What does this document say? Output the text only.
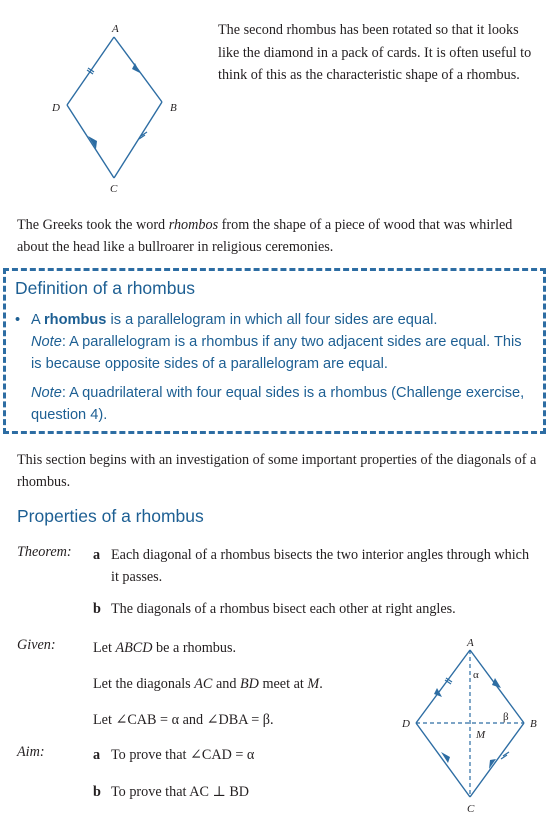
A
B
C
D
The second rhombus has been rotated so that it looks like the diamond in a pack of cards. It is often useful to think of this as the characteristic shape of a rhombus.
The Greeks took the word rhombos from the shape of a piece of wood that was whirled about the head like a bullroarer in religious ceremonies.
Definition of a rhombus
• A rhombus is a parallelogram in which all four sides are equal.
Note: A parallelogram is a rhombus if any two adjacent sides are equal. This is because opposite sides of a parallelogram are equal.
Note: A quadrilateral with four equal sides is a rhombus (Challenge exercise, question 4).
This section begins with an investigation of some important properties of the diagonals of a rhombus.
Properties of a rhombus
Theorem: a Each diagonal of a rhombus bisects the two interior angles through which it passes.
b The diagonals of a rhombus bisect each other at right angles.
Given:	Let ABCD be a rhombus.
Let the diagonals AC and BD meet at M.
Let ∠CAB = α and ∠DBA = β.
Aim:	a To prove that ∠CAD = α
b To prove that AC ⊥ BD
A
B
C
D
M
α
β
